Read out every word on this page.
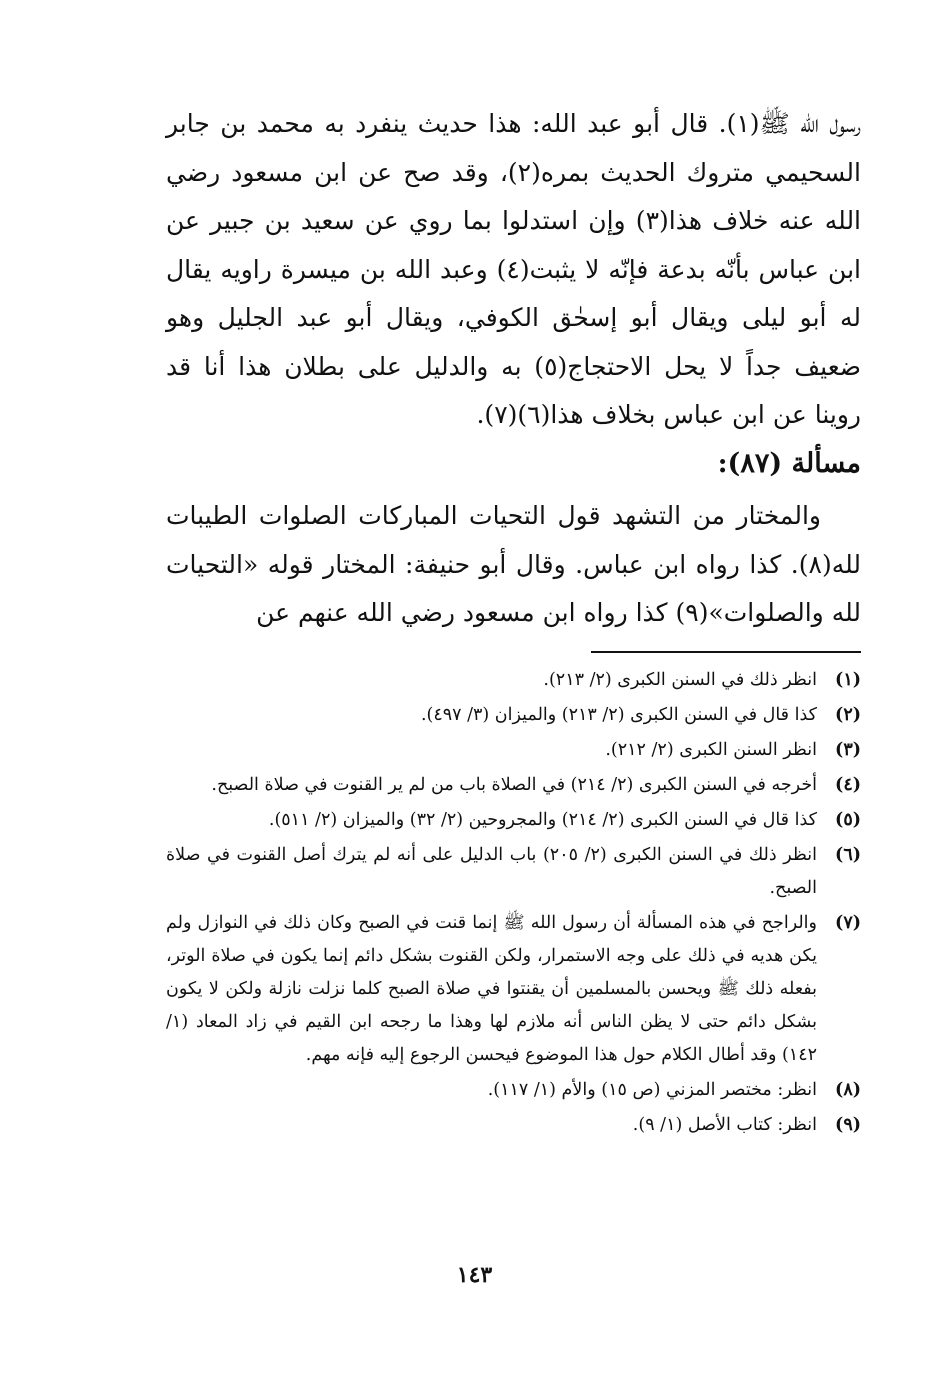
رسول الله ﷺ(١). قال أبو عبد الله: هذا حديث ينفرد به محمد بن جابر السحيمي متروك الحديث بمره(٢)، وقد صح عن ابن مسعود رضي الله عنه خلاف هذا(٣) وإن استدلوا بما روي عن سعيد بن جبير عن ابن عباس بأنّه بدعة فإنّه لا يثبت(٤) وعبد الله بن ميسرة راويه يقال له أبو ليلى ويقال أبو إسحٰق الكوفي، ويقال أبو عبد الجليل وهو ضعيف جداً لا يحل الاحتجاج(٥) به والدليل على بطلان هذا أنا قد روينا عن ابن عباس بخلاف هذا(٦)(٧).

مسألة (٨٧):

والمختار من التشهد قول التحيات المباركات الصلوات الطيبات لله(٨). كذا رواه ابن عباس. وقال أبو حنيفة: المختار قوله «التحيات لله والصلوات»(٩) كذا رواه ابن مسعود رضي الله عنهم عن

(١)
انظر ذلك في السنن الكبرى (٢/ ٢١٣).
(٢)
كذا قال في السنن الكبرى (٢/ ٢١٣) والميزان (٣/ ٤٩٧).
(٣)
انظر السنن الكبرى (٢/ ٢١٢).
(٤)
أخرجه في السنن الكبرى (٢/ ٢١٤) في الصلاة باب من لم ير القنوت في صلاة الصبح.
(٥)
كذا قال في السنن الكبرى (٢/ ٢١٤) والمجروحين (٢/ ٣٢) والميزان (٢/ ٥١١).
(٦)
انظر ذلك في السنن الكبرى (٢/ ٢٠٥) باب الدليل على أنه لم يترك أصل القنوت في صلاة الصبح.
(٧)
والراجح في هذه المسألة أن رسول الله ﷺ إنما قنت في الصبح وكان ذلك في النوازل ولم يكن هديه في ذلك على وجه الاستمرار، ولكن القنوت بشكل دائم إنما يكون في صلاة الوتر، بفعله ذلك ﷺ ويحسن بالمسلمين أن يقنتوا في صلاة الصبح كلما نزلت نازلة ولكن لا يكون بشكل دائم حتى لا يظن الناس أنه ملازم لها وهذا ما رجحه ابن القيم في زاد المعاد (١/ ١٤٢) وقد أطال الكلام حول هذا الموضوع فيحسن الرجوع إليه فإنه مهم.
(٨)
انظر: مختصر المزني (ص ١٥) والأم (١/ ١١٧).
(٩)
انظر: كتاب الأصل (١/ ٩).
١٤٣
